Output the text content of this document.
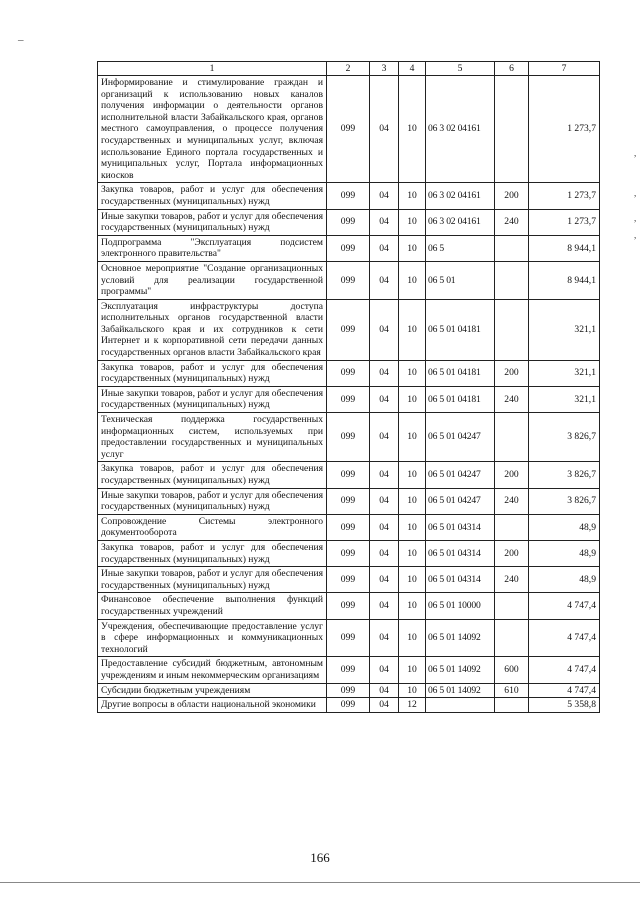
–
,
,
,
,
1	2	3	4	5	6	7
Информирование и стимулирование граждан и организаций к использованию новых каналов получения информации о деятельности органов исполнительной власти Забайкальского края, органов местного самоуправления, о процессе получения государственных и муниципальных услуг, включая использование Единого портала государственных и муниципальных услуг, Портала информационных киосков	099	04	10	06 3 02 04161		1 273,7
Закупка товаров, работ и услуг для обеспечения государственных (муниципальных) нужд	099	04	10	06 3 02 04161	200	1 273,7
Иные закупки товаров, работ и услуг для обеспечения государственных (муниципальных) нужд	099	04	10	06 3 02 04161	240	1 273,7
Подпрограмма "Эксплуатация подсистем электронного правительства"	099	04	10	06 5		8 944,1
Основное мероприятие "Создание организационных условий для реализации государственной программы"	099	04	10	06 5 01		8 944,1
Эксплуатация инфраструктуры доступа исполнительных органов государственной власти Забайкальского края и их сотрудников к сети Интернет и к корпоративной сети передачи данных государственных органов власти Забайкальского края	099	04	10	06 5 01 04181		321,1
Закупка товаров, работ и услуг для обеспечения государственных (муниципальных) нужд	099	04	10	06 5 01 04181	200	321,1
Иные закупки товаров, работ и услуг для обеспечения государственных (муниципальных) нужд	099	04	10	06 5 01 04181	240	321,1
Техническая поддержка государственных информационных систем, используемых при предоставлении государственных и муниципальных услуг	099	04	10	06 5 01 04247		3 826,7
Закупка товаров, работ и услуг для обеспечения государственных (муниципальных) нужд	099	04	10	06 5 01 04247	200	3 826,7
Иные закупки товаров, работ и услуг для обеспечения государственных (муниципальных) нужд	099	04	10	06 5 01 04247	240	3 826,7
Сопровождение Системы электронного документооборота	099	04	10	06 5 01 04314		48,9
Закупка товаров, работ и услуг для обеспечения государственных (муниципальных) нужд	099	04	10	06 5 01 04314	200	48,9
Иные закупки товаров, работ и услуг для обеспечения государственных (муниципальных) нужд	099	04	10	06 5 01 04314	240	48,9
Финансовое обеспечение выполнения функций государственных учреждений	099	04	10	06 5 01 10000		4 747,4
Учреждения, обеспечивающие предоставление услуг в сфере информационных и коммуникационных технологий	099	04	10	06 5 01 14092		4 747,4
Предоставление субсидий бюджетным, автономным учреждениям и иным некоммерческим организациям	099	04	10	06 5 01 14092	600	4 747,4
Субсидии бюджетным учреждениям	099	04	10	06 5 01 14092	610	4 747,4
Другие вопросы в области национальной экономики	099	04	12			5 358,8
166
